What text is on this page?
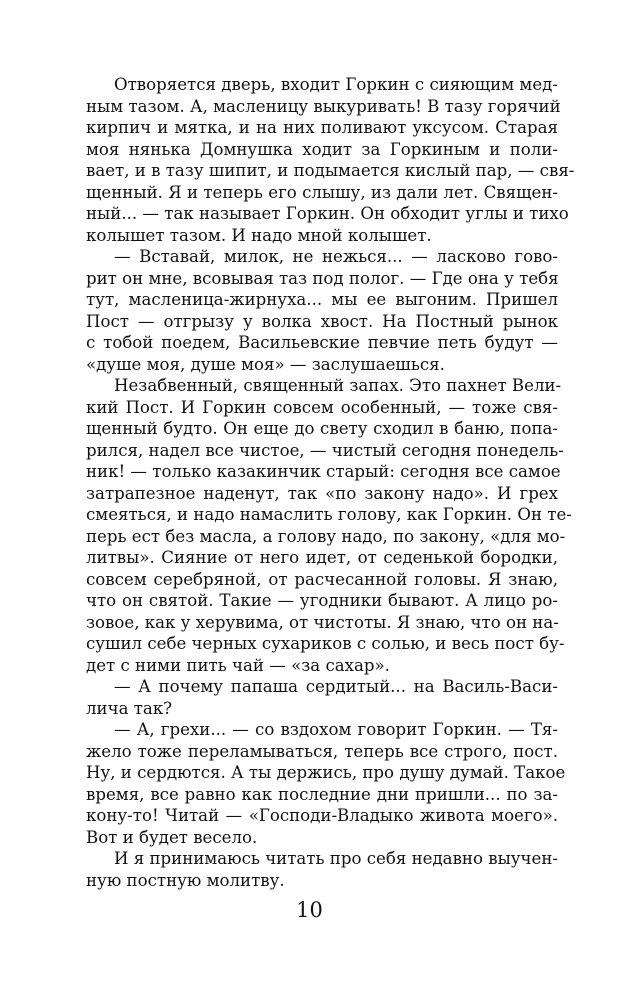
Отворяется дверь, входит Горкин с сияющим мед-
ным тазом. А, масленицу выкуривать! В тазу горячий
кирпич и мятка, и на них поливают уксусом. Старая
моя нянька Домнушка ходит за Горкиным и поли-
вает, и в тазу шипит, и подымается кислый пар, — свя-
щенный. Я и теперь его слышу, из дали лет. Священ-
ный... — так называет Горкин. Он обходит углы и тихо
колышет тазом. И надо мной колышет.
— Вставай, милок, не нежься... — ласково гово-
рит он мне, всовывая таз под полог. — Где она у тебя
тут, масленица-жирнуха... мы ее выгоним. Пришел
Пост — отгрызу у волка хвост. На Постный рынок
с тобой поедем, Васильевские певчие петь будут —
«душе моя, душе моя» — заслушаешься.
Незабвенный, священный запах. Это пахнет Вели-
кий Пост. И Горкин совсем особенный, — тоже свя-
щенный будто. Он еще до свету сходил в баню, попа-
рился, надел все чистое, — чистый сегодня понедель-
ник! — только казакинчик старый: сегодня все самое
затрапезное наденут, так «по закону надо». И грех
смеяться, и надо намаслить голову, как Горкин. Он те-
перь ест без масла, а голову надо, по закону, «для мо-
литвы». Сияние от него идет, от седенькой бородки,
совсем серебряной, от расчесанной головы. Я знаю,
что он святой. Такие — угодники бывают. А лицо ро-
зовое, как у херувима, от чистоты. Я знаю, что он на-
сушил себе черных сухариков с солью, и весь пост бу-
дет с ними пить чай — «за сахар».
— А почему папаша сердитый... на Василь-Васи-
лича так?
— А, грехи... — со вздохом говорит Горкин. — Тя-
жело тоже переламываться, теперь все строго, пост.
Ну, и сердются. А ты держись, про душу думай. Такое
время, все равно как последние дни пришли... по за-
кону-то! Читай — «Господи-Владыко живота моего».
Вот и будет весело.
И я принимаюсь читать про себя недавно выучен-
ную постную молитву.
10
